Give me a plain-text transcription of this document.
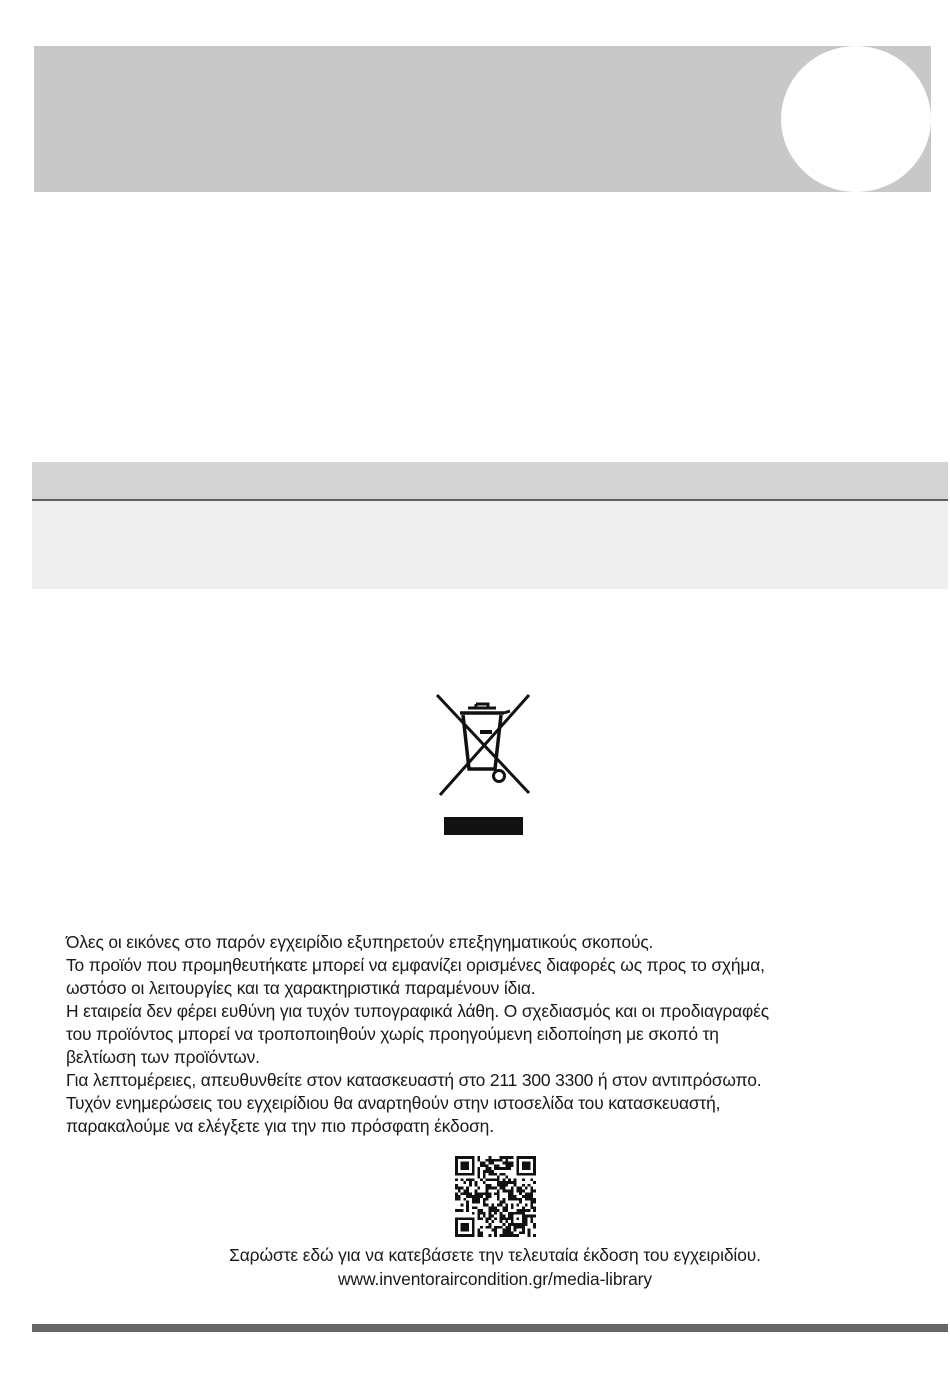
Όλες οι εικόνες στο παρόν εγχειρίδιο εξυπηρετούν επεξηγηματικούς σκοπούς.

Το προϊόν που προμηθευτήκατε μπορεί να εμφανίζει ορισμένες διαφορές ως προς το σχήμα,

ωστόσο οι λειτουργίες και τα χαρακτηριστικά παραμένουν ίδια.

Η εταιρεία δεν φέρει ευθύνη για τυχόν τυπογραφικά λάθη. Ο σχεδιασμός και οι προδιαγραφές

του προϊόντος μπορεί να τροποποιηθούν χωρίς προηγούμενη ειδοποίηση με σκοπό τη

βελτίωση των προϊόντων.

Για λεπτομέρειες, απευθυνθείτε στον κατασκευαστή στο 211 300 3300 ή στον αντιπρόσωπο.

Τυχόν ενημερώσεις του εγχειρίδιου θα αναρτηθούν στην ιστοσελίδα του κατασκευαστή,

παρακαλούμε να ελέγξετε για την πιο πρόσφατη έκδοση.

Σαρώστε εδώ για να κατεβάσετε την τελευταία έκδοση του εγχειριδίου.
www.inventoraircondition.gr/media-library
